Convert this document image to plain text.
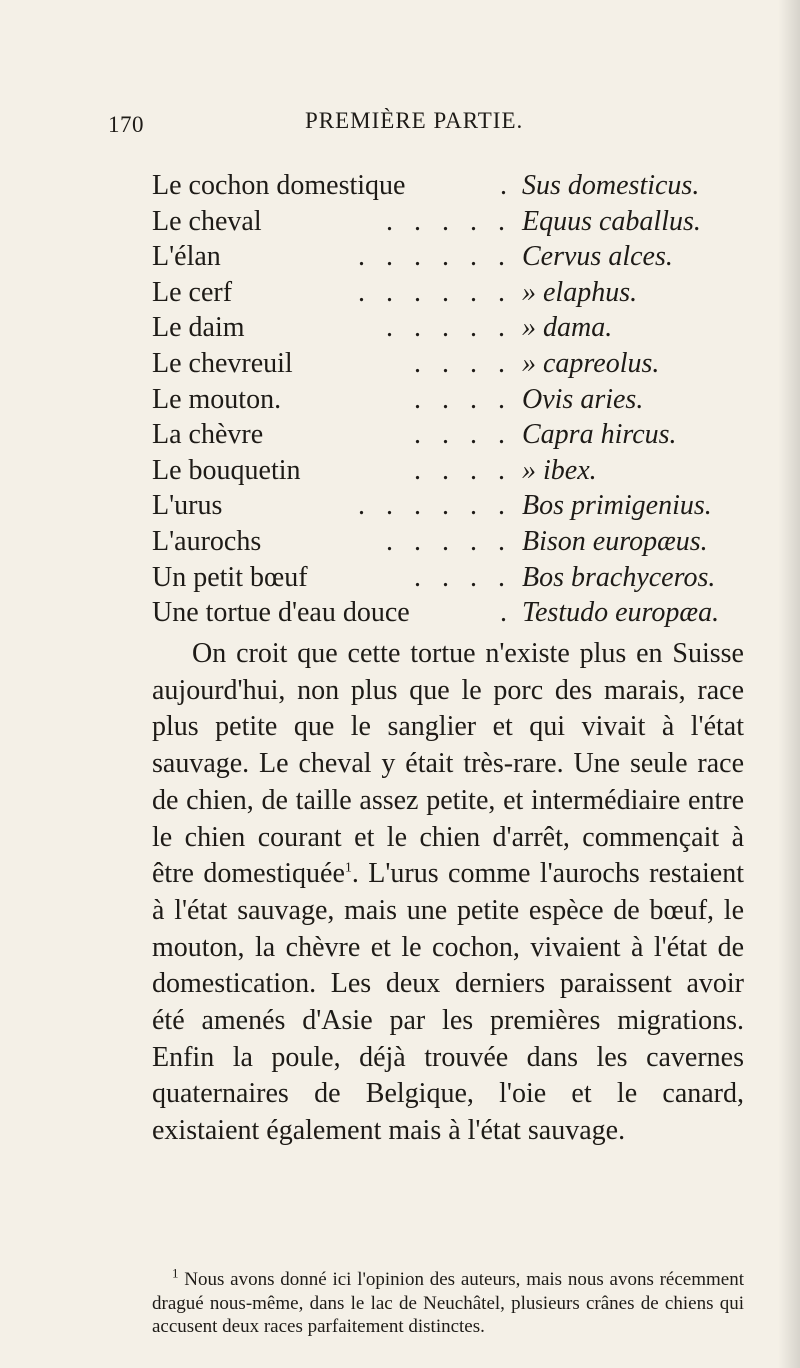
170	PREMIÈRE PARTIE.
Le cochon domestique	. Sus domesticus.
Le cheval	. . . . . Equus caballus.
L'élan	. . . . . . Cervus alces.
Le cerf	. . . . . . » elaphus.
Le daim	. . . . . » dama.
Le chevreuil	. . . . » capreolus.
Le mouton.	. . . . Ovis aries.
La chèvre	. . . . Capra hircus.
Le bouquetin	. . . . » ibex.
L'urus	. . . . . . Bos primigenius.
L'aurochs	. . . . . Bison europæus.
Un petit bœuf	. . . . Bos brachyceros.
Une tortue d'eau douce	. Testudo europæa.

On croit que cette tortue n'existe plus en Suisse aujourd'hui, non plus que le porc des marais, race plus petite que le sanglier et qui vivait à l'état sauvage. Le cheval y était très-rare. Une seule race de chien, de taille assez petite, et intermédiaire entre le chien courant et le chien d'arrêt, commençait à être domestiquée$^1$. L'urus comme l'aurochs restaient à l'état sauvage, mais une petite espèce de bœuf, le mouton, la chèvre et le cochon, vivaient à l'état de domestication. Les deux derniers paraissent avoir été amenés d'Asie par les premières migrations. Enfin la poule, déjà trouvée dans les cavernes quaternaires de Belgique, l'oie et le canard, existaient également mais à l'état sauvage.

$^1$ Nous avons donné ici l'opinion des auteurs, mais nous avons récemment dragué nous-même, dans le lac de Neuchâtel, plusieurs crânes de chiens qui accusent deux races parfaitement distinctes.
